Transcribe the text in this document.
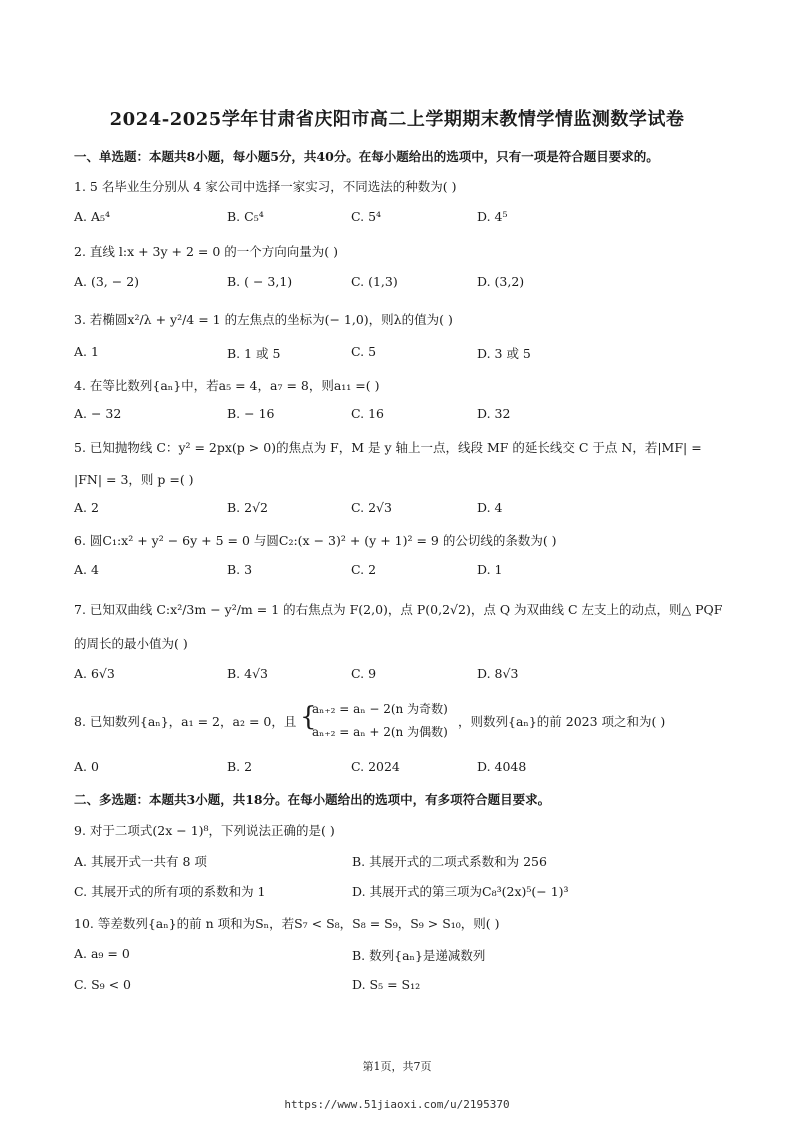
2024-2025学年甘肃省庆阳市高二上学期期末教情学情监测数学试卷
一、单选题：本题共8小题，每小题5分，共40分。在每小题给出的选项中，只有一项是符合题目要求的。
1. 5 名毕业生分别从 4 家公司中选择一家实习，不同选法的种数为( )
A. A₅⁴	B. C₅⁴	C. 5⁴	D. 4⁵
2. 直线 l:x + 3y + 2 = 0 的一个方向向量为( )
A. (3, − 2)	B. ( − 3,1)	C. (1,3)	D. (3,2)
3. 若椭圆x²/λ + y²/4 = 1 的左焦点的坐标为(− 1,0)，则λ的值为( )
A. 1	B. 1 或 5	C. 5	D. 3 或 5
4. 在等比数列{aₙ}中，若a₅ = 4，a₇ = 8，则a₁₁ =( )
A. − 32	B. − 16	C. 16	D. 32
5. 已知抛物线 C：y² = 2px(p > 0)的焦点为 F，M 是 y 轴上一点，线段 MF 的延长线交 C 于点 N，若|MF| =
|FN| = 3，则 p =( )
A. 2	B. 2√2	C. 2√3	D. 4
6. 圆C₁:x² + y² − 6y + 5 = 0 与圆C₂:(x − 3)² + (y + 1)² = 9 的公切线的条数为( )
A. 4	B. 3	C. 2	D. 1
7. 已知双曲线 C:x²/3m − y²/m = 1 的右焦点为 F(2,0)，点 P(0,2√2)，点 Q 为双曲线 C 左支上的动点，则△ PQF
的周长的最小值为( )
A. 6√3	B. 4√3	C. 9	D. 8√3
8. 已知数列{aₙ}，a₁ = 2，a₂ = 0，且 {
aₙ₊₂ = aₙ − 2(n 为奇数)
aₙ₊₂ = aₙ + 2(n 为偶数)
，则数列{aₙ}的前 2023 项之和为( )
A. 0	B. 2	C. 2024	D. 4048
二、多选题：本题共3小题，共18分。在每小题给出的选项中，有多项符合题目要求。
9. 对于二项式(2x − 1)⁸，下列说法正确的是( )
A. 其展开式一共有 8 项	B. 其展开式的二项式系数和为 256
C. 其展开式的所有项的系数和为 1	D. 其展开式的第三项为C₈³(2x)⁵(− 1)³
10. 等差数列{aₙ}的前 n 项和为Sₙ，若S₇ < S₈，S₈ = S₉，S₉ > S₁₀，则( )
A. a₉ = 0	B. 数列{aₙ}是递减数列
C. S₉ < 0	D. S₅ = S₁₂
第1页，共7页
https://www.51jiaoxi.com/u/2195370
